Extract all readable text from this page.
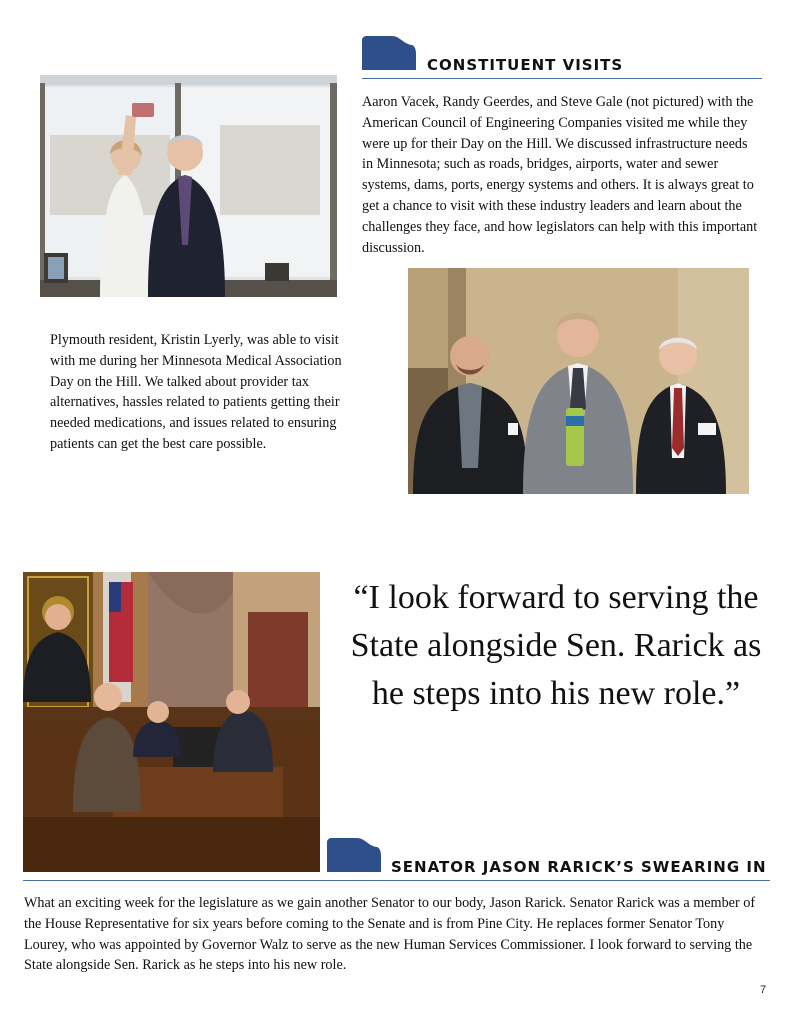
CONSTITUENT VISITS
Aaron Vacek, Randy Geerdes, and Steve Gale (not pictured) with the American Council of Engineering Companies visited me while they were up for their Day on the Hill. We discussed infrastructure needs in Minnesota; such as roads, bridges, airports, water and sewer systems, dams, ports, energy systems and others. It is always great to get a chance to visit with these industry leaders and learn about the challenges they face, and how legislators can help with this important discussion.
Plymouth resident, Kristin Lyerly, was able to visit with me during her Minnesota Medical Association Day on the Hill. We talked about provider tax alternatives, hassles related to patients getting their needed medications, and issues related to ensuring patients can get the best care possible.
“I look forward to serving the State alongside Sen. Rarick as he steps into his new role.”
SENATOR JASON RARICK’S SWEARING IN
What an exciting week for the legislature as we gain another Senator to our body, Jason Rarick. Senator Rarick was a member of the House Representative for six years before coming to the Senate and is from Pine City. He replaces former Senator Tony Lourey, who was appointed by Governor Walz to serve as the new Human Services Commissioner. I look forward to serving the State alongside Sen. Rarick as he steps into his new role.
7
